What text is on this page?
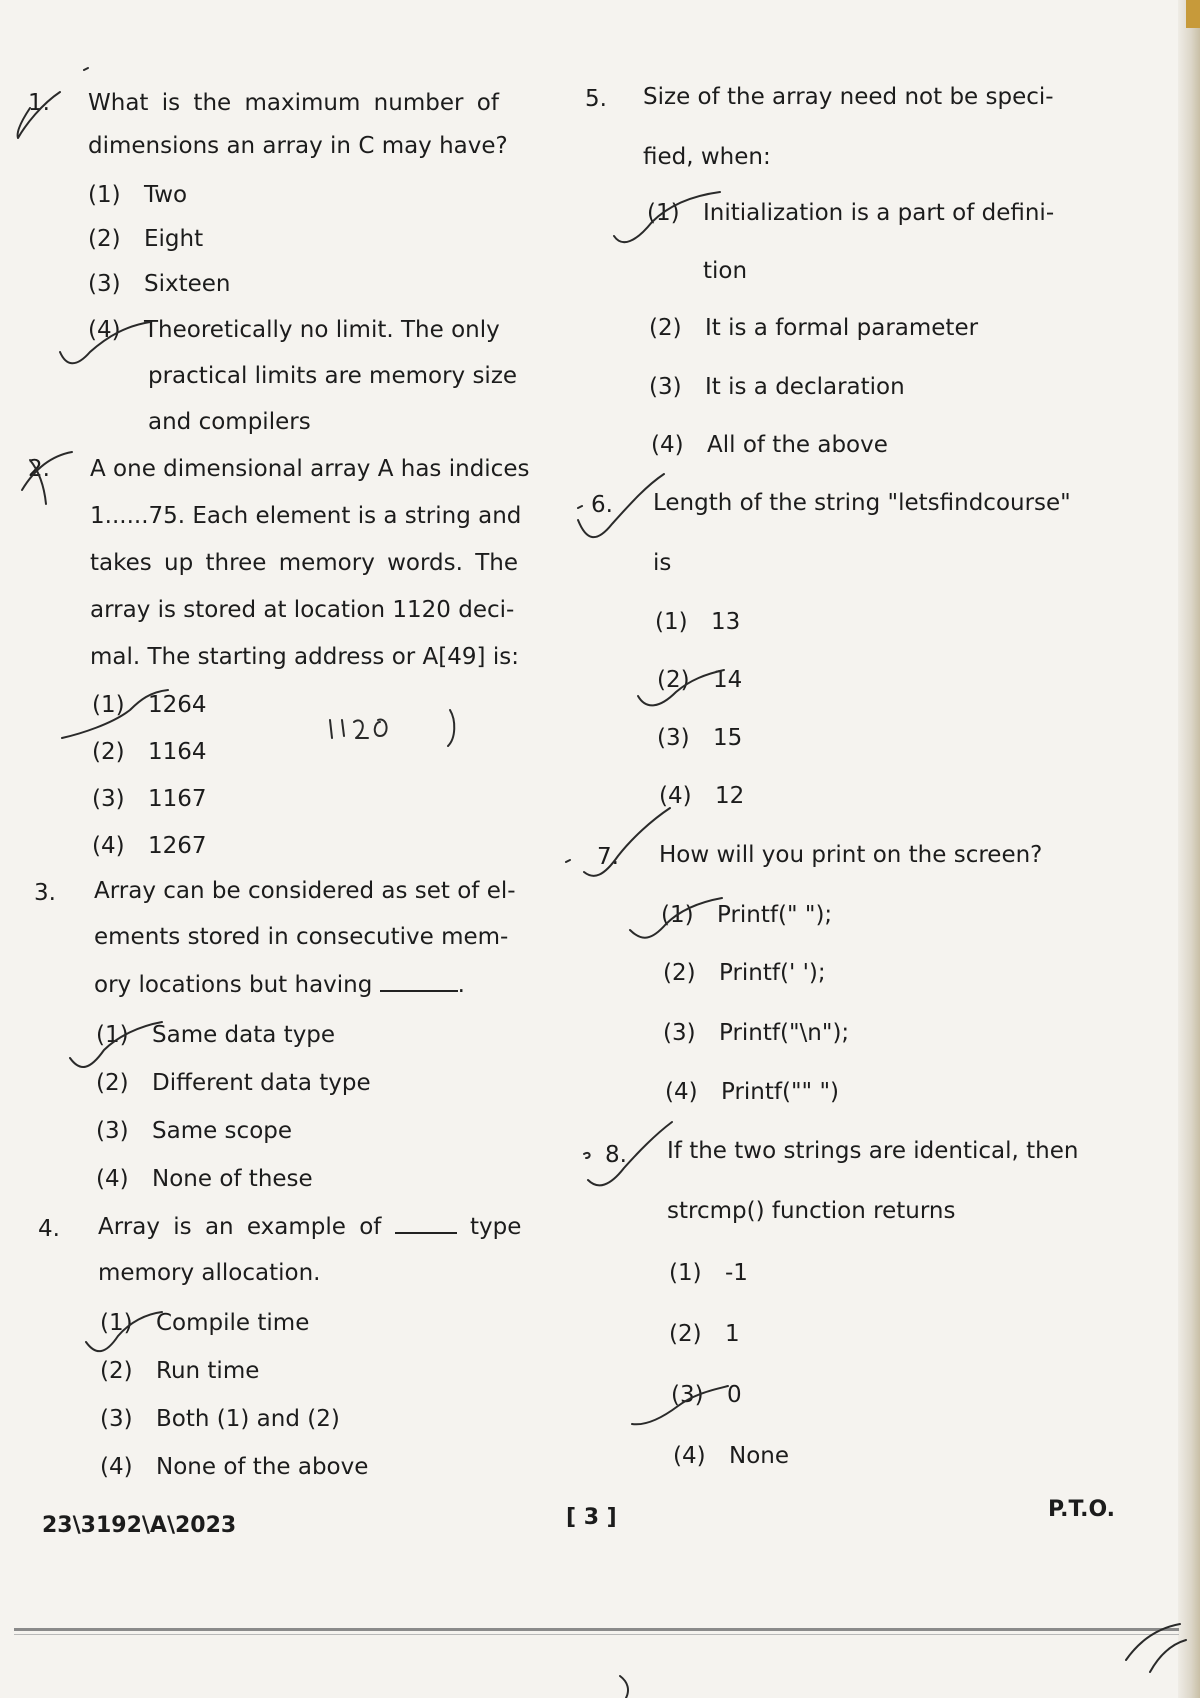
1. What is the maximum number of
dimensions an array in C may have?
(1) Two
(2) Eight
(3) Sixteen
(4) Theoretically no limit. The only
practical limits are memory size
and compilers
2. A one dimensional array A has indices
1......75. Each element is a string and
takes up three memory words. The
array is stored at location 1120 deci-
mal. The starting address or A[49] is:
(1) 1264
(2) 1164
(3) 1167
(4) 1267
3. Array can be considered as set of el-
ements stored in consecutive mem-
ory locations but having	.
(1) Same data type
(2) Different data type
(3) Same scope
(4) None of these
4. Array is an example of	type
memory allocation.
(1) Compile time
(2) Run time
(3) Both (1) and (2)
(4) None of the above
5. Size of the array need not be speci-
fied, when:
(1) Initialization is a part of defini-
tion
(2) It is a formal parameter
(3) It is a declaration
(4) All of the above
6. Length of the string "letsfindcourse"
is
(1) 13
(2) 14
(3) 15
(4) 12
7. How will you print on the screen?
(1) Printf(" ");
(2) Printf(' ');
(3) Printf("\n");
(4) Printf("" ")
8. If the two strings are identical, then
strcmp() function returns
(1) -1
(2) 1
(3) 0
(4) None
23\3192\A\2023	[ 3 ]	P.T.O.
